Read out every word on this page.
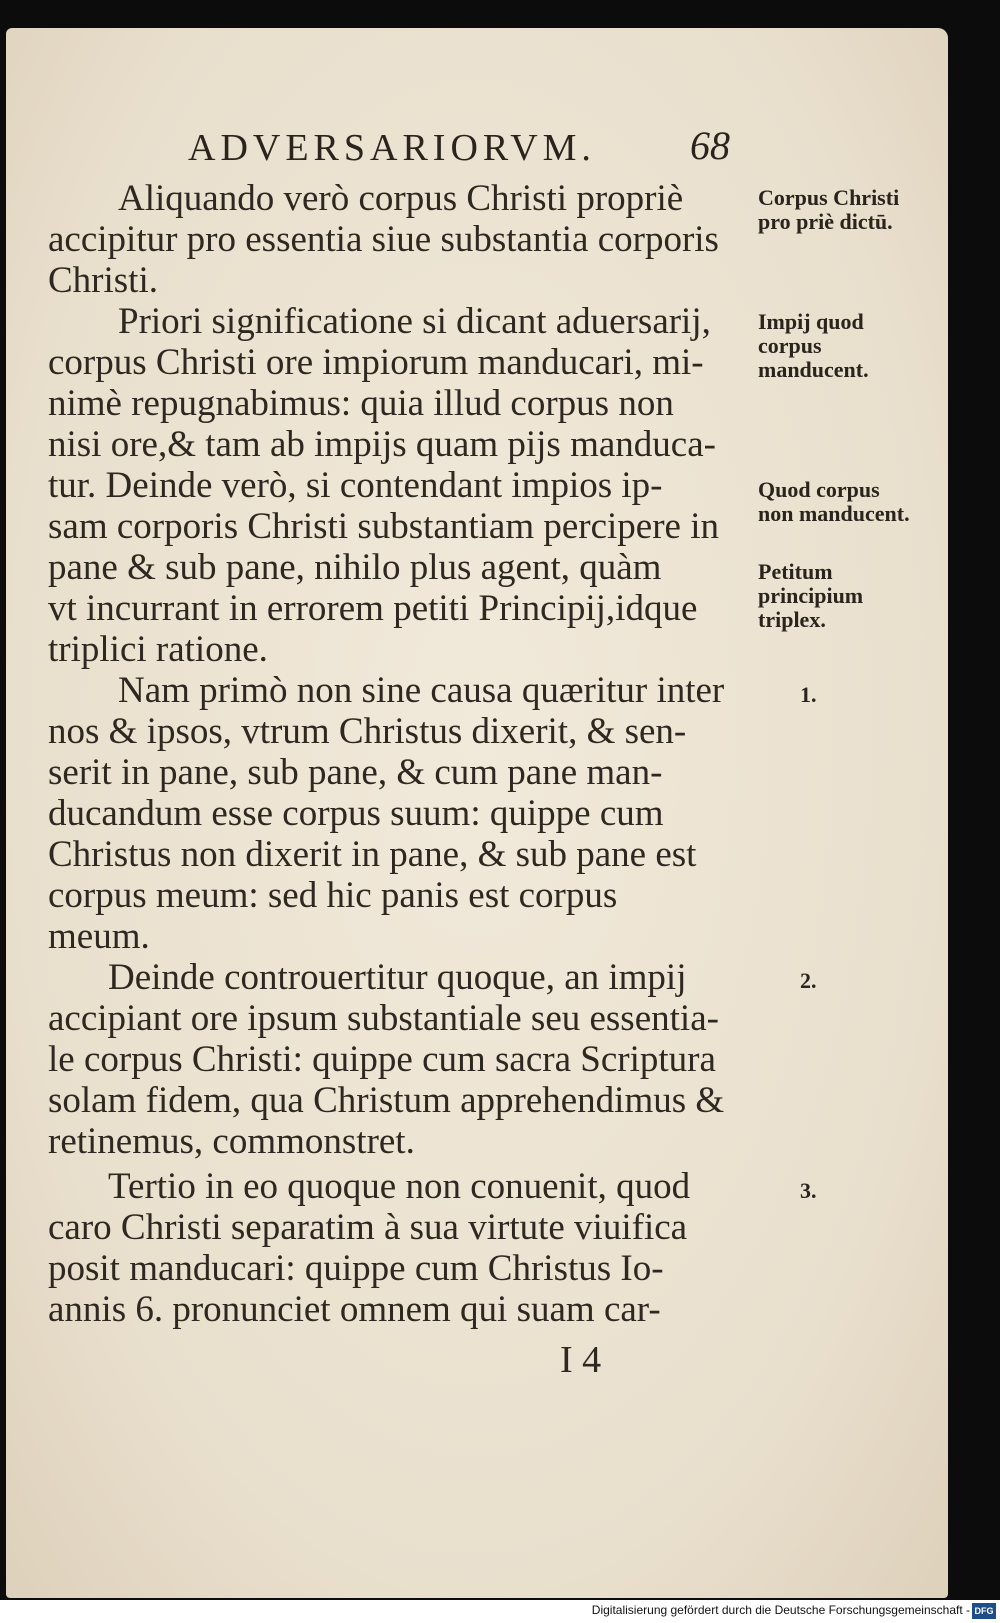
ADVERSARIORVM. 68
Aliquando verò corpus Christi propriè
accipitur pro essentia siue substantia corporis
Christi.
Priori significatione si dicant aduersarij,
corpus Christi ore impiorum manducari, mi-
nimè repugnabimus: quia illud corpus non
nisi ore,& tam ab impijs quam pijs manduca-
tur. Deinde verò, si contendant impios ip-
sam corporis Christi substantiam percipere in
pane & sub pane, nihilo plus agent, quàm
vt incurrant in errorem petiti Principij,idque
triplici ratione.
Nam primò non sine causa quæritur inter
nos & ipsos, vtrum Christus dixerit, & sen-
serit in pane, sub pane, & cum pane man-
ducandum esse corpus suum: quippe cum
Christus non dixerit in pane, & sub pane est
corpus meum: sed hic panis est corpus
meum.
Deinde controuertitur quoque, an impij
accipiant ore ipsum substantiale seu essentia-
le corpus Christi: quippe cum sacra Scriptura
solam fidem, qua Christum apprehendimus &
retinemus, commonstret.
Tertio in eo quoque non conuenit, quod
caro Christi separatim à sua virtute viuifica
posit manducari: quippe cum Christus Io-
annis 6. pronunciet omnem qui suam car-
Corpus Christi pro priè dictū.
Impij quod corpus manducent.
Quod corpus non manducent.
Petitum principium triplex.
1.
2.
3.
I 4
Digitalisierung gefördert durch die Deutsche Forschungsgemeinschaft - DFG
